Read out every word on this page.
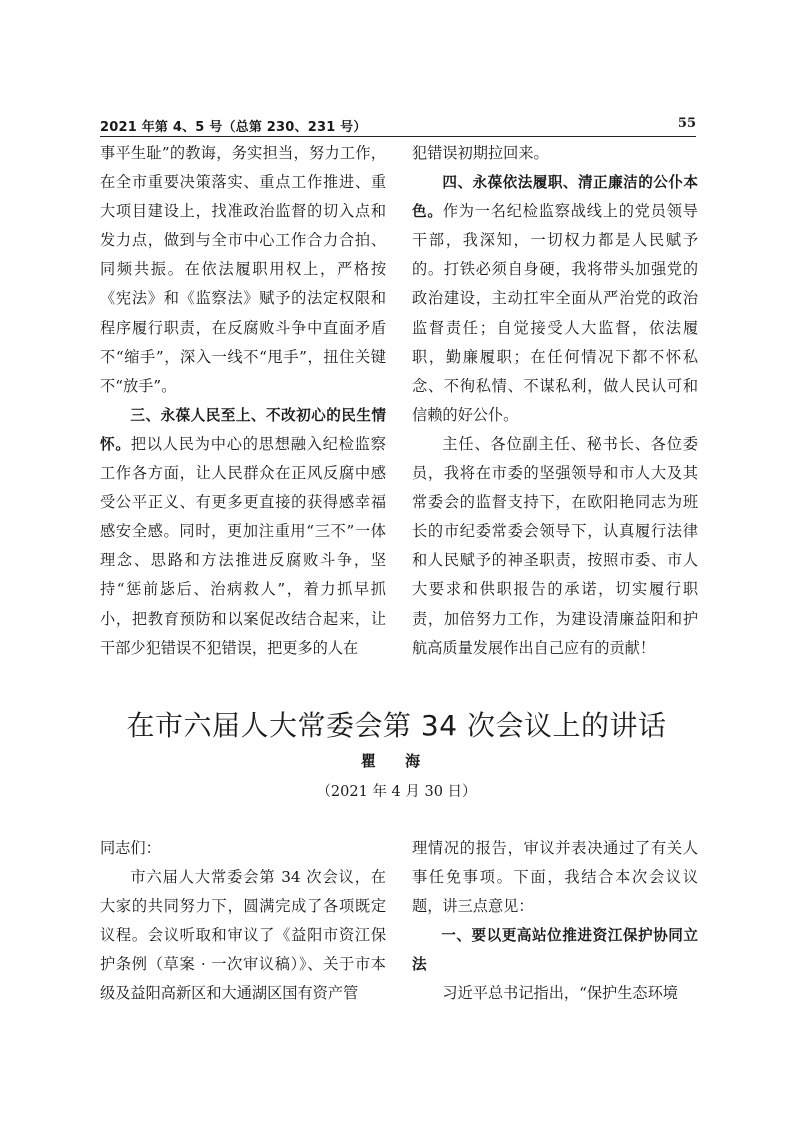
2021 年第 4、5 号（总第 230、231 号）	55

事平生耻”的教诲，务实担当，努力工作，在全市重要决策落实、重点工作推进、重大项目建设上，找准政治监督的切入点和发力点，做到与全市中心工作合力合拍、同频共振。在依法履职用权上，严格按《宪法》和《监察法》赋予的法定权限和程序履行职责，在反腐败斗争中直面矛盾不“缩手”，深入一线不“甩手”，扭住关键不“放手”。

三、永葆人民至上、不改初心的民生情怀。把以人民为中心的思想融入纪检监察工作各方面，让人民群众在正风反腐中感受公平正义、有更多更直接的获得感幸福感安全感。同时，更加注重用“三不”一体理念、思路和方法推进反腐败斗争，坚持“惩前毖后、治病救人”，着力抓早抓小，把教育预防和以案促改结合起来，让干部少犯错误不犯错误，把更多的人在

犯错误初期拉回来。

四、永葆依法履职、清正廉洁的公仆本色。作为一名纪检监察战线上的党员领导干部，我深知，一切权力都是人民赋予的。打铁必须自身硬，我将带头加强党的政治建设，主动扛牢全面从严治党的政治监督责任；自觉接受人大监督，依法履职，勤廉履职；在任何情况下都不怀私念、不徇私情、不谋私利，做人民认可和信赖的好公仆。

主任、各位副主任、秘书长、各位委员，我将在市委的坚强领导和市人大及其常委会的监督支持下，在欧阳艳同志为班长的市纪委常委会领导下，认真履行法律和人民赋予的神圣职责，按照市委、市人大要求和供职报告的承诺，切实履行职责，加倍努力工作，为建设清廉益阳和护航高质量发展作出自己应有的贡献！

在市六届人大常委会第 34 次会议上的讲话
瞿 海
（2021 年 4 月 30 日）

同志们：

市六届人大常委会第 34 次会议，在大家的共同努力下，圆满完成了各项既定议程。会议听取和审议了《益阳市资江保护条例（草案 · 一次审议稿）》、关于市本级及益阳高新区和大通湖区国有资产管

理情况的报告，审议并表决通过了有关人事任免事项。下面，我结合本次会议议题，讲三点意见：

一、要以更高站位推进资江保护协同立法

习近平总书记指出，“保护生态环境
